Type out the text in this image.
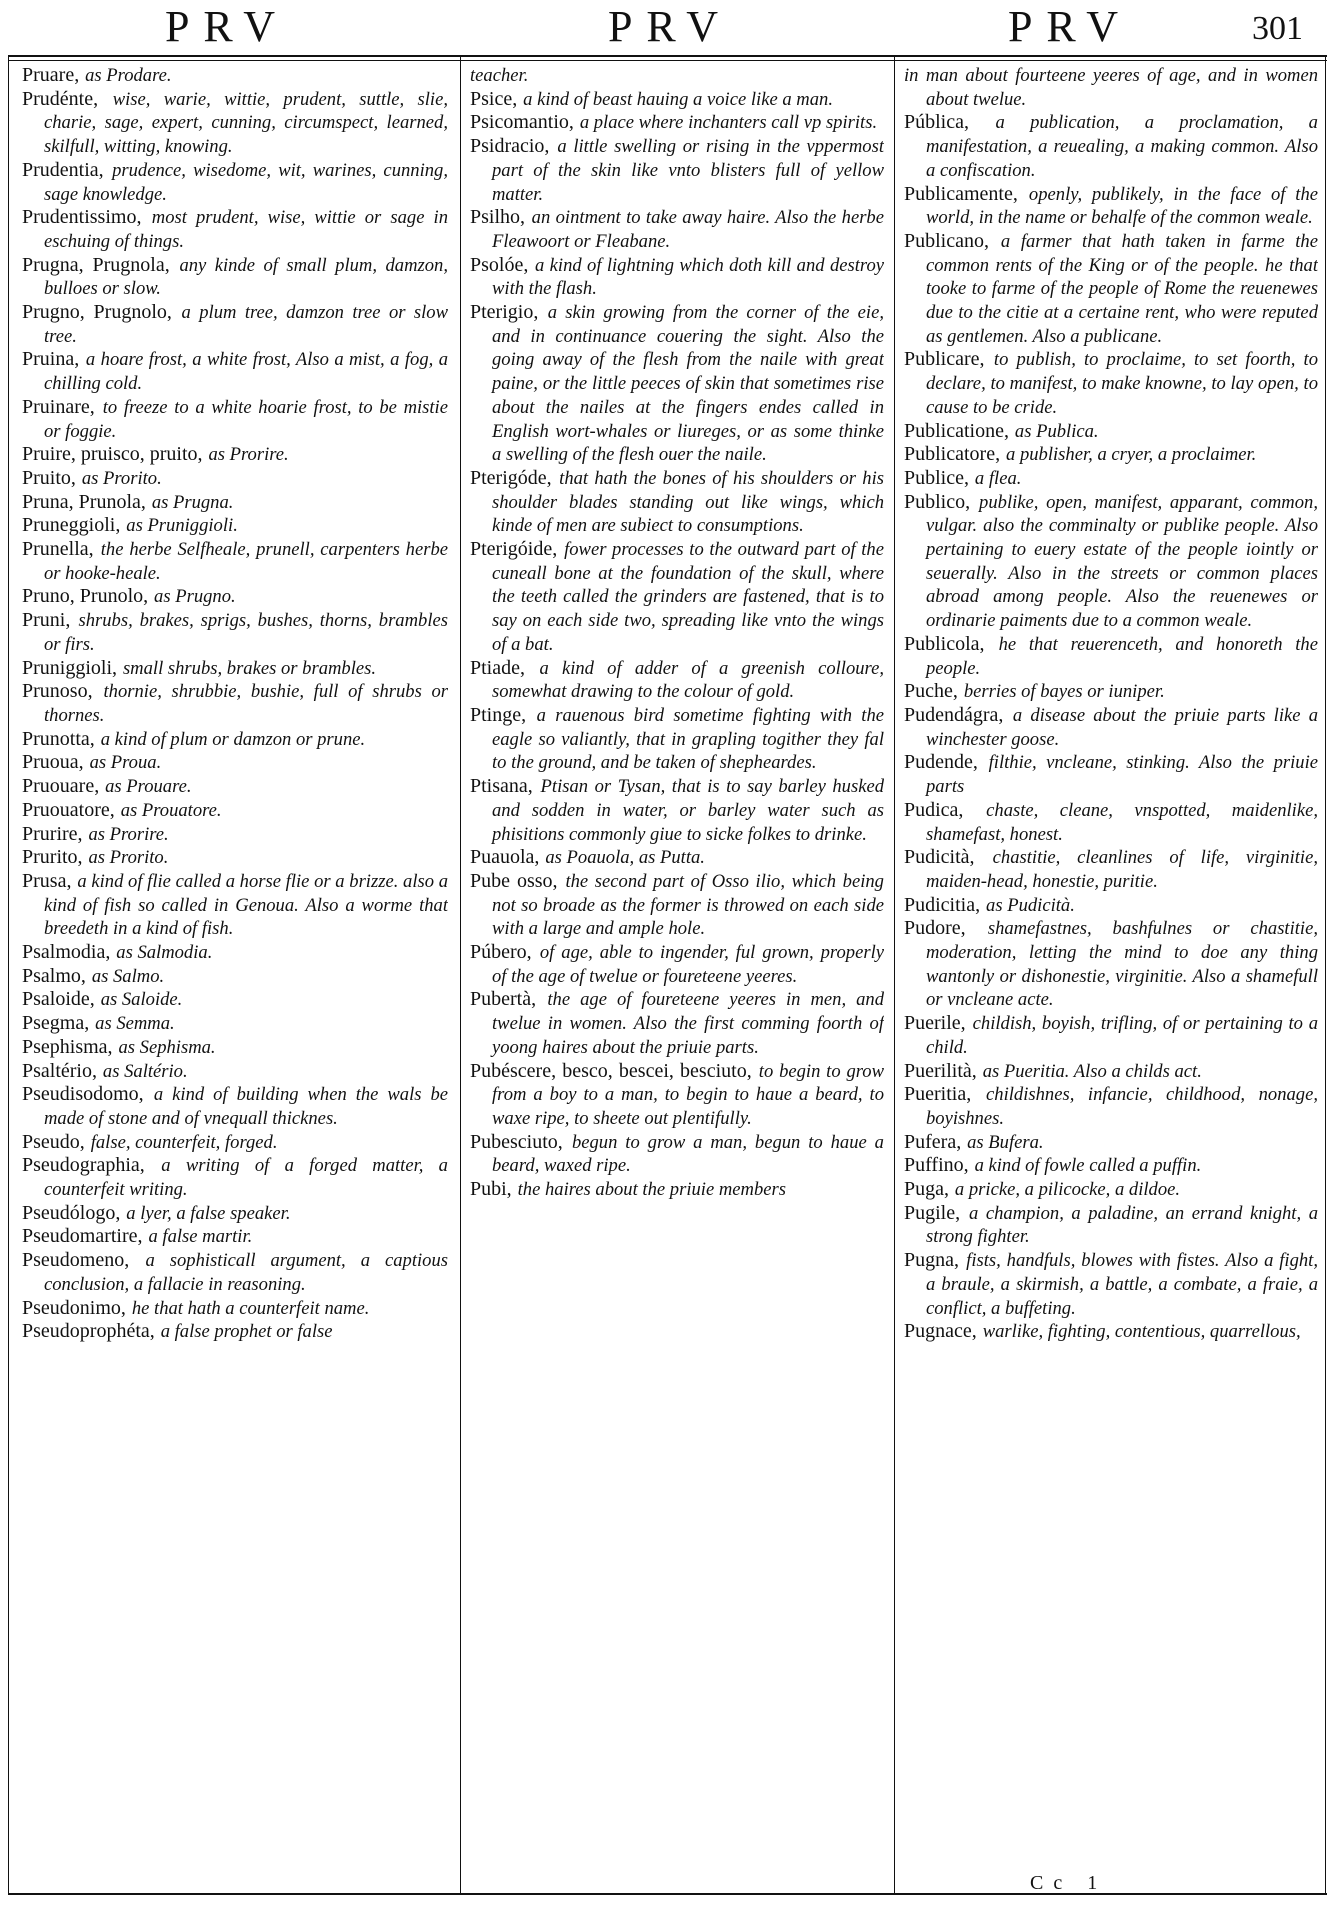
PRV	PRV	PRV	301

Pruare, as Prodare.

Prudénte, wise, warie, wittie, prudent, suttle, slie, charie, sage, expert, cunning, circumspect, learned, skilfull, witting, knowing.

Prudentia, prudence, wisedome, wit, warines, cunning, sage knowledge.

Prudentissimo, most prudent, wise, wittie or sage in eschuing of things.

Prugna, Prugnola, any kinde of small plum, damzon, bulloes or slow.

Prugno, Prugnolo, a plum tree, damzon tree or slow tree.

Pruina, a hoare frost, a white frost, Also a mist, a fog, a chilling cold.

Pruinare, to freeze to a white hoarie frost, to be mistie or foggie.

Pruire, pruisco, pruito, as Prorire.

Pruito, as Prorito.

Pruna, Prunola, as Prugna.

Pruneggioli, as Pruniggioli.

Prunella, the herbe Selfheale, prunell, carpenters herbe or hooke-heale.

Pruno, Prunolo, as Prugno.

Pruni, shrubs, brakes, sprigs, bushes, thorns, brambles or firs.

Pruniggioli, small shrubs, brakes or brambles.

Prunoso, thornie, shrubbie, bushie, full of shrubs or thornes.

Prunotta, a kind of plum or damzon or prune.

Pruoua, as Proua.

Pruouare, as Prouare.

Pruouatore, as Prouatore.

Prurire, as Prorire.

Prurito, as Prorito.

Prusa, a kind of flie called a horse flie or a brizze. also a kind of fish so called in Genoua. Also a worme that breedeth in a kind of fish.

Psalmodia, as Salmodia.

Psalmo, as Salmo.

Psaloide, as Saloide.

Psegma, as Semma.

Psephisma, as Sephisma.

Psaltério, as Saltério.

Pseudisodomo, a kind of building when the wals be made of stone and of vnequall thicknes.

Pseudo, false, counterfeit, forged.

Pseudographia, a writing of a forged matter, a counterfeit writing.

Pseudólogo, a lyer, a false speaker.

Pseudomartire, a false martir.

Pseudomeno, a sophisticall argument, a captious conclusion, a fallacie in reasoning.

Pseudonimo, he that hath a counterfeit name.

Pseudoprophéta, a false prophet or false

teacher.

Psice, a kind of beast hauing a voice like a man.

Psicomantio, a place where inchanters call vp spirits.

Psidracio, a little swelling or rising in the vppermost part of the skin like vnto blisters full of yellow matter.

Psilho, an ointment to take away haire. Also the herbe Fleawoort or Fleabane.

Psolóe, a kind of lightning which doth kill and destroy with the flash.

Pterigio, a skin growing from the corner of the eie, and in continuance couering the sight. Also the going away of the flesh from the naile with great paine, or the little peeces of skin that sometimes rise about the nailes at the fingers endes called in English wort-whales or liureges, or as some thinke a swelling of the flesh ouer the naile.

Pterigóde, that hath the bones of his shoulders or his shoulder blades standing out like wings, which kinde of men are subiect to consumptions.

Pterigóide, fower processes to the outward part of the cuneall bone at the foundation of the skull, where the teeth called the grinders are fastened, that is to say on each side two, spreading like vnto the wings of a bat.

Ptiade, a kind of adder of a greenish colloure, somewhat drawing to the colour of gold.

Ptinge, a rauenous bird sometime fighting with the eagle so valiantly, that in grapling togither they fal to the ground, and be taken of shepheardes.

Ptisana, Ptisan or Tysan, that is to say barley husked and sodden in water, or barley water such as phisitions commonly giue to sicke folkes to drinke.

Puauola, as Poauola, as Putta.

Pube osso, the second part of Osso ilio, which being not so broade as the former is throwed on each side with a large and ample hole.

Púbero, of age, able to ingender, ful grown, properly of the age of twelue or foureteene yeeres.

Pubertà, the age of foureteene yeeres in men, and twelue in women. Also the first comming foorth of yoong haires about the priuie parts.

Pubéscere, besco, bescei, besciuto, to begin to grow from a boy to a man, to begin to haue a beard, to waxe ripe, to sheete out plentifully.

Pubesciuto, begun to grow a man, begun to haue a beard, waxed ripe.

Pubi, the haires about the priuie members

in man about fourteene yeeres of age, and in women about twelue.

Pública, a publication, a proclamation, a manifestation, a reuealing, a making common. Also a confiscation.

Publicamente, openly, publikely, in the face of the world, in the name or behalfe of the common weale.

Publicano, a farmer that hath taken in farme the common rents of the King or of the people. he that tooke to farme of the people of Rome the reuenewes due to the citie at a certaine rent, who were reputed as gentlemen. Also a publicane.

Publicare, to publish, to proclaime, to set foorth, to declare, to manifest, to make knowne, to lay open, to cause to be cride.

Publicatione, as Publica.

Publicatore, a publisher, a cryer, a proclaimer.

Publice, a flea.

Publico, publike, open, manifest, apparant, common, vulgar. also the comminalty or publike people. Also pertaining to euery estate of the people iointly or seuerally. Also in the streets or common places abroad among people. Also the reuenewes or ordinarie paiments due to a common weale.

Publicola, he that reuerenceth, and honoreth the people.

Puche, berries of bayes or iuniper.

Pudendágra, a disease about the priuie parts like a winchester goose.

Pudende, filthie, vncleane, stinking. Also the priuie parts

Pudica, chaste, cleane, vnspotted, maidenlike, shamefast, honest.

Pudicità, chastitie, cleanlines of life, virginitie, maiden-head, honestie, puritie.

Pudicitia, as Pudicità.

Pudore, shamefastnes, bashfulnes or chastitie, moderation, letting the mind to doe any thing wantonly or dishonestie, virginitie. Also a shamefull or vncleane acte.

Puerile, childish, boyish, trifling, of or pertaining to a child.

Puerilità, as Pueritia. Also a childs act.

Pueritia, childishnes, infancie, childhood, nonage, boyishnes.

Pufera, as Bufera.

Puffino, a kind of fowle called a puffin.

Puga, a pricke, a pilicocke, a dildoe.

Pugile, a champion, a paladine, an errand knight, a strong fighter.

Pugna, fists, handfuls, blowes with fistes. Also a fight, a braule, a skirmish, a battle, a combate, a fraie, a conflict, a buffeting.

Pugnace, warlike, fighting, contentious, quarrellous,

Cc 1
